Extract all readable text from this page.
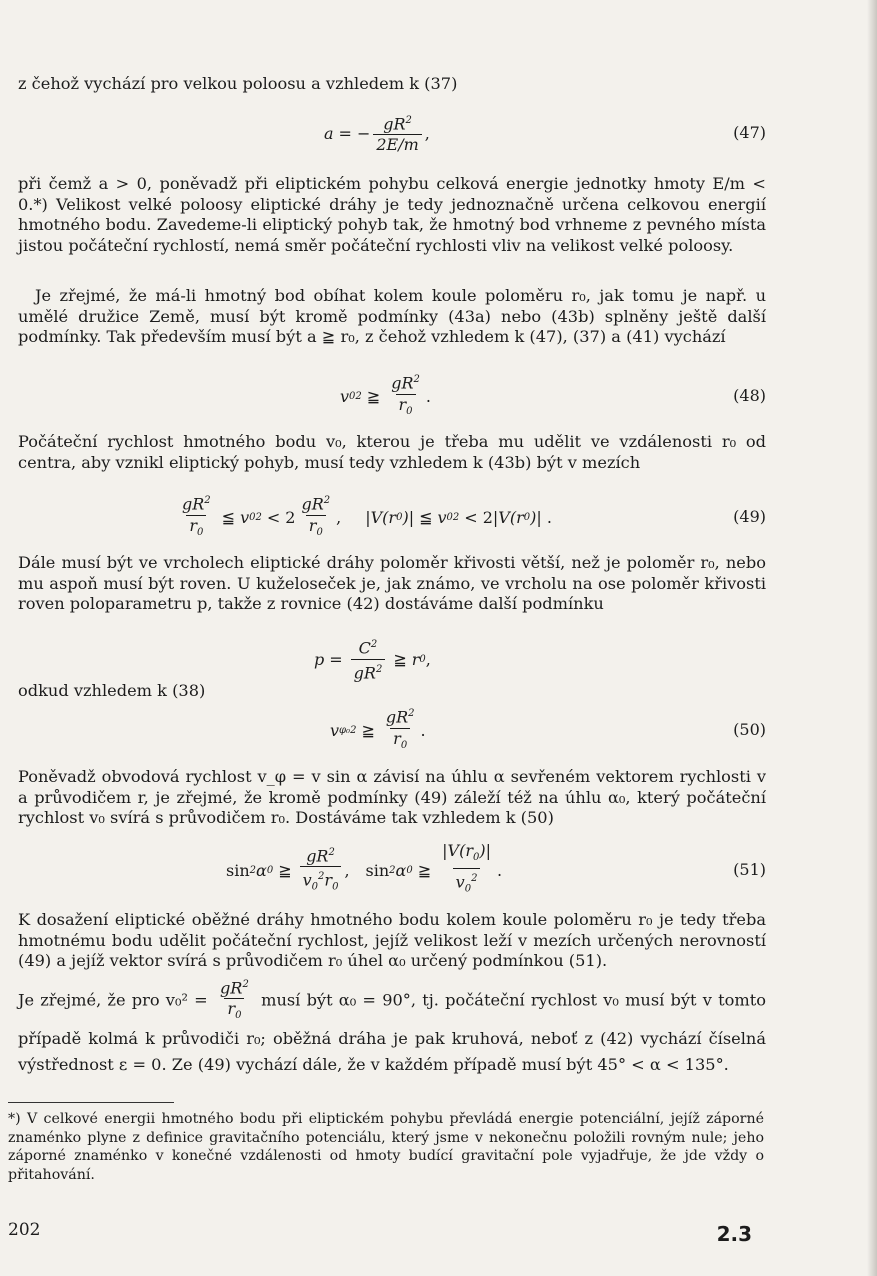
z čehož vychází pro velkou poloosu a vzhledem k (37)

a = − $\frac{gR^2}{2E/m}$ ,	(47)

při čemž a > 0, poněvadž při eliptickém pohybu celková energie jednotky hmoty E/m < 0.*) Velikost velké poloosy eliptické dráhy je tedy jednoznačně určena celkovou energií hmotného bodu. Zavedeme-li eliptický pohyb tak, že hmotný bod vrhneme z pevného místa jistou počáteční rychlostí, nemá směr počáteční rychlosti vliv na velikost velké poloosy.

Je zřejmé, že má-li hmotný bod obíhat kolem koule poloměru r₀, jak tomu je např. u umělé družice Země, musí být kromě podmínky (43a) nebo (43b) splněny ještě další podmínky. Tak především musí být a ≧ r₀, z čehož vzhledem k (47), (37) a (41) vychází

v 0 2 ≧ $\frac{gR^2}{r_0}$ .	(48)

Počáteční rychlost hmotného bodu v₀, kterou je třeba mu udělit ve vzdálenosti r₀ od centra, aby vznikl eliptický pohyb, musí tedy vzhledem k (43b) být v mezích

$\frac{gR^2}{r_0}$ ≦ v 0 $2 < 2 \frac{gR^2}{r_0}$ , | V(r 0 ) | ≦ v 0 2 < 2| V(r 0 ) | .	(49)

Dále musí být ve vrcholech eliptické dráhy poloměr křivosti větší, než je poloměr r₀, nebo mu aspoň musí být roven. U kuželoseček je, jak známo, ve vrcholu na ose poloměr křivosti roven poloparametru p, takže z rovnice (42) dostáváme další podmínku

$p = \frac{C^2}{gR^2}$ ≧ r 0 ,

odkud vzhledem k (38)

v φ₀ 2 ≧ $\frac{gR^2}{r_0}$ .	(50)

Poněvadž obvodová rychlost v_φ = v sin α závisí na úhlu α sevřeném vektorem rychlosti v a průvodičem r, je zřejmé, že kromě podmínky (49) záleží též na úhlu α₀, který počáteční rychlost v₀ svírá s průvodičem r₀. Dostáváme tak vzhledem k (50)

sin 2 α 0 ≧ $\frac{gR^2}{v_0^2r_0}$ , sin 2 α 0 ≧ $\frac{|V(r_0)|}{v_0^2}$ .	(51)

K dosažení eliptické oběžné dráhy hmotného bodu kolem koule poloměru r₀ je tedy třeba hmotnému bodu udělit počáteční rychlost, jejíž velikost leží v mezích určených nerovností (49) a jejíž vektor svírá s průvodičem r₀ úhel α₀ určený podmínkou (51).

Je zřejmé, že pro $v_0^2 = \frac{gR^2}{r_0}$ musí být α₀ = 90°, tj. počáteční rychlost v₀ musí být v tomto případě kolmá k průvodiči r₀; oběžná dráha je pak kruhová, neboť z (42) vychází číselná výstřednost ε = 0. Ze (49) vychází dále, že v každém případě musí být 45° < α < 135°.

*) V celkové energii hmotného bodu při eliptickém pohybu převládá energie potenciální, jejíž záporné znaménko plyne z definice gravitačního potenciálu, který jsme v nekonečnu položili rovným nule; jeho záporné znaménko v konečné vzdálenosti od hmoty budící gravitační pole vyjadřuje, že jde vždy o přitahování.
202	2.3
